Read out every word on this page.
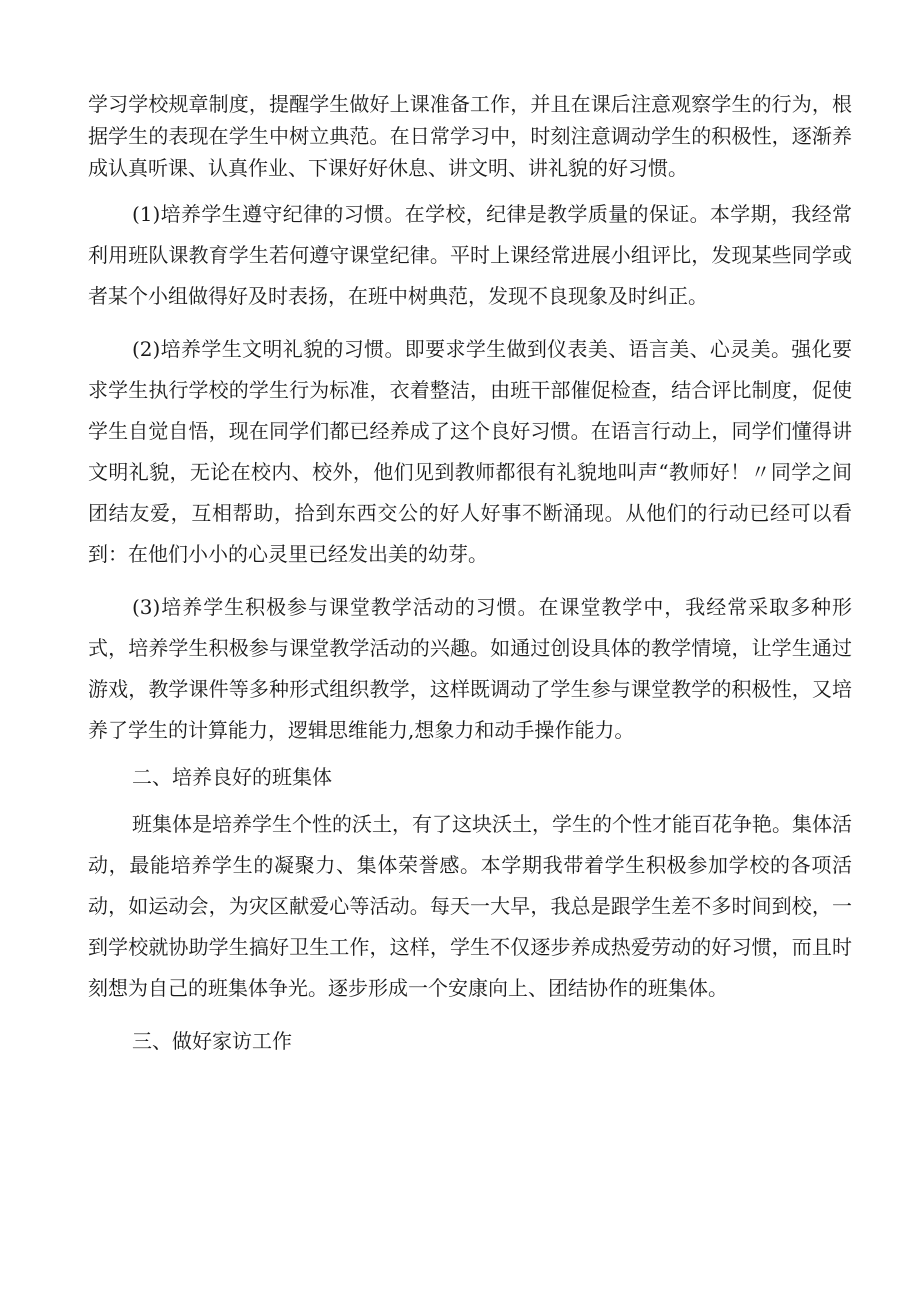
学习学校规章制度，提醒学生做好上课准备工作，并且在课后注意观察学生的行为，根据学生的表现在学生中树立典范。在日常学习中，时刻注意调动学生的积极性，逐渐养成认真听课、认真作业、下课好好休息、讲文明、讲礼貌的好习惯。

(1)培养学生遵守纪律的习惯。在学校，纪律是教学质量的保证。本学期，我经常利用班队课教育学生若何遵守课堂纪律。平时上课经常进展小组评比，发现某些同学或者某个小组做得好及时表扬，在班中树典范，发现不良现象及时纠正。

(2)培养学生文明礼貌的习惯。即要求学生做到仪表美、语言美、心灵美。强化要求学生执行学校的学生行为标准，衣着整洁，由班干部催促检查，结合评比制度，促使学生自觉自悟，现在同学们都已经养成了这个良好习惯。在语言行动上，同学们懂得讲文明礼貌，无论在校内、校外，他们见到教师都很有礼貌地叫声“教师好！〃同学之间团结友爱，互相帮助，拾到东西交公的好人好事不断涌现。从他们的行动已经可以看到：在他们小小的心灵里已经发出美的幼芽。

(3)培养学生积极参与课堂教学活动的习惯。在课堂教学中，我经常采取多种形式，培养学生积极参与课堂教学活动的兴趣。如通过创设具体的教学情境，让学生通过游戏，教学课件等多种形式组织教学，这样既调动了学生参与课堂教学的积极性，又培养了学生的计算能力，逻辑思维能力,想象力和动手操作能力。

二、培养良好的班集体

班集体是培养学生个性的沃土，有了这块沃土，学生的个性才能百花争艳。集体活动，最能培养学生的凝聚力、集体荣誉感。本学期我带着学生积极参加学校的各项活动，如运动会，为灾区献爱心等活动。每天一大早，我总是跟学生差不多时间到校，一到学校就协助学生搞好卫生工作，这样，学生不仅逐步养成热爱劳动的好习惯，而且时刻想为自己的班集体争光。逐步形成一个安康向上、团结协作的班集体。

三、做好家访工作
